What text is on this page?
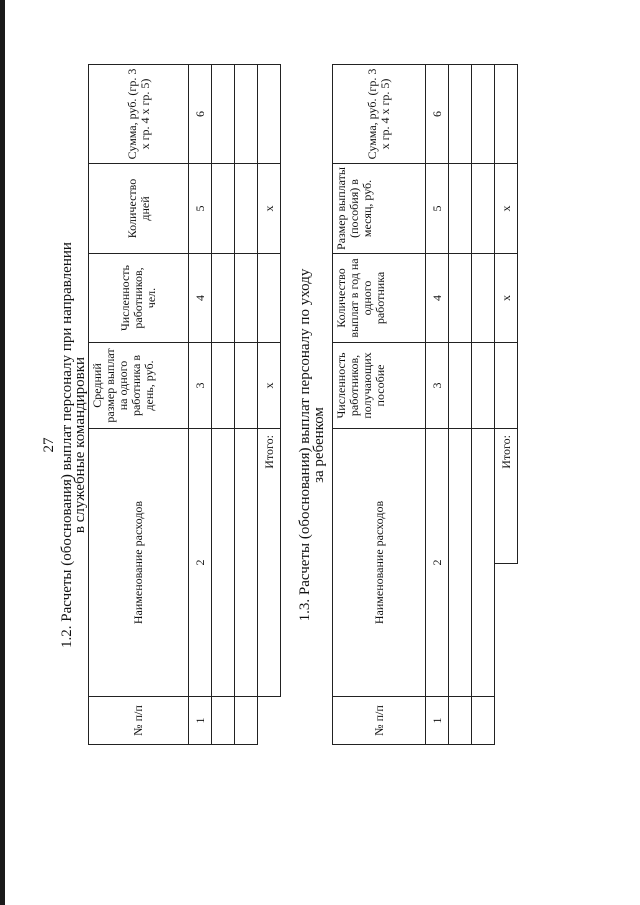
27 1.2. Расчеты (обоснования) выплат персоналу при направлении
в служебные командировки
№ п/п	Наименование расходов	Средний размер выплат на одного работника в день, руб.	Численность работников, чел.	Количество дней	Сумма, руб. (гр. 3 х гр. 4 х гр. 5)
1	2	3	4	5	6

	Итого:	х		х	
1.3. Расчеты (обоснования) выплат персоналу по уходу
за ребенком
№ п/п	Наименование расходов		Численность работников, получающих пособие	Количество выплат в год на одного работника	Размер выплаты (пособия) в месяц, руб.	Сумма, руб. (гр. 3 х гр. 4 х гр. 5)
1	2		3	4	5	6

		Итого:		х	х	
